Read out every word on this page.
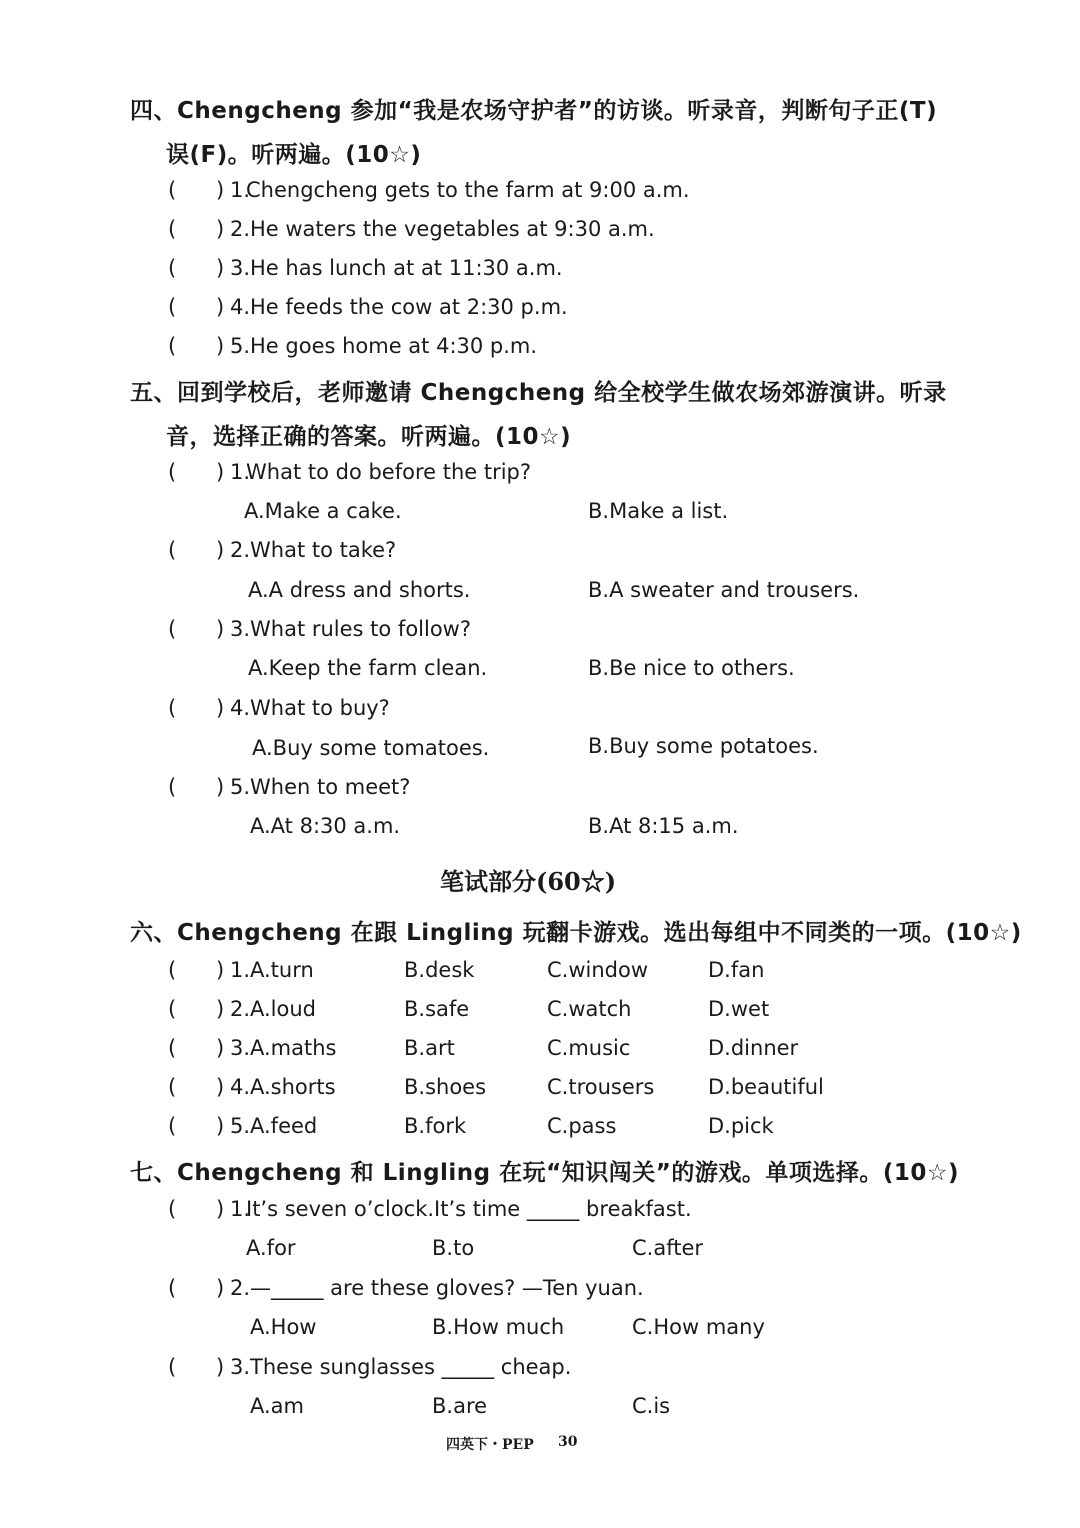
四、Chengcheng 参加“我是农场守护者”的访谈。听录音，判断句子正(T)
误(F)。听两遍。(10☆)
( ) 1.
Chengcheng gets to the farm at 9:00 a.m.
( ) 2. He waters the vegetables at 9:30 a.m.
( ) 3. He has lunch at at 11:30 a.m.
( ) 4. He feeds the cow at 2:30 p.m.
( ) 5. He goes home at 4:30 p.m.
五、回到学校后，老师邀请 Chengcheng 给全校学生做农场郊游演讲。听录
音，选择正确的答案。听两遍。(10☆)
( ) 1.
What to do before the trip?
A.Make a cake.	B.Make a list.
( ) 2. What to take?
A.A dress and shorts.	B.A sweater and trousers.
( ) 3. What rules to follow?
A.Keep the farm clean.	B.Be nice to others.
( ) 4. What to buy?
A.Buy some tomatoes.	B.Buy some potatoes.
( ) 5. When to meet?
A.At 8:30 a.m.	B.At 8:15 a.m.
笔试部分(60☆)
六、Chengcheng 在跟 Lingling 玩翻卡游戏。选出每组中不同类的一项。(10☆)
( ) 1. A.turn	B.desk	C.window	D.fan
( ) 2. A.loud	B.safe	C.watch	D.wet
( ) 3. A.maths	B.art	C.music	D.dinner
( ) 4. A.shorts	B.shoes	C.trousers	D.beautiful
( ) 5. A.feed	B.fork	C.pass	D.pick
七、Chengcheng 和 Lingling 在玩“知识闯关”的游戏。单项选择。(10☆)
( ) 1.
It’s seven o’clock.It’s time _____ breakfast.
A.for	B.to	C.after
( ) 2. —_____ are these gloves? —Ten yuan.
A.How	B.How much	C.How many
( ) 3. These sunglasses _____ cheap.
A.am	B.are	C.is
四英下・PEP 30
